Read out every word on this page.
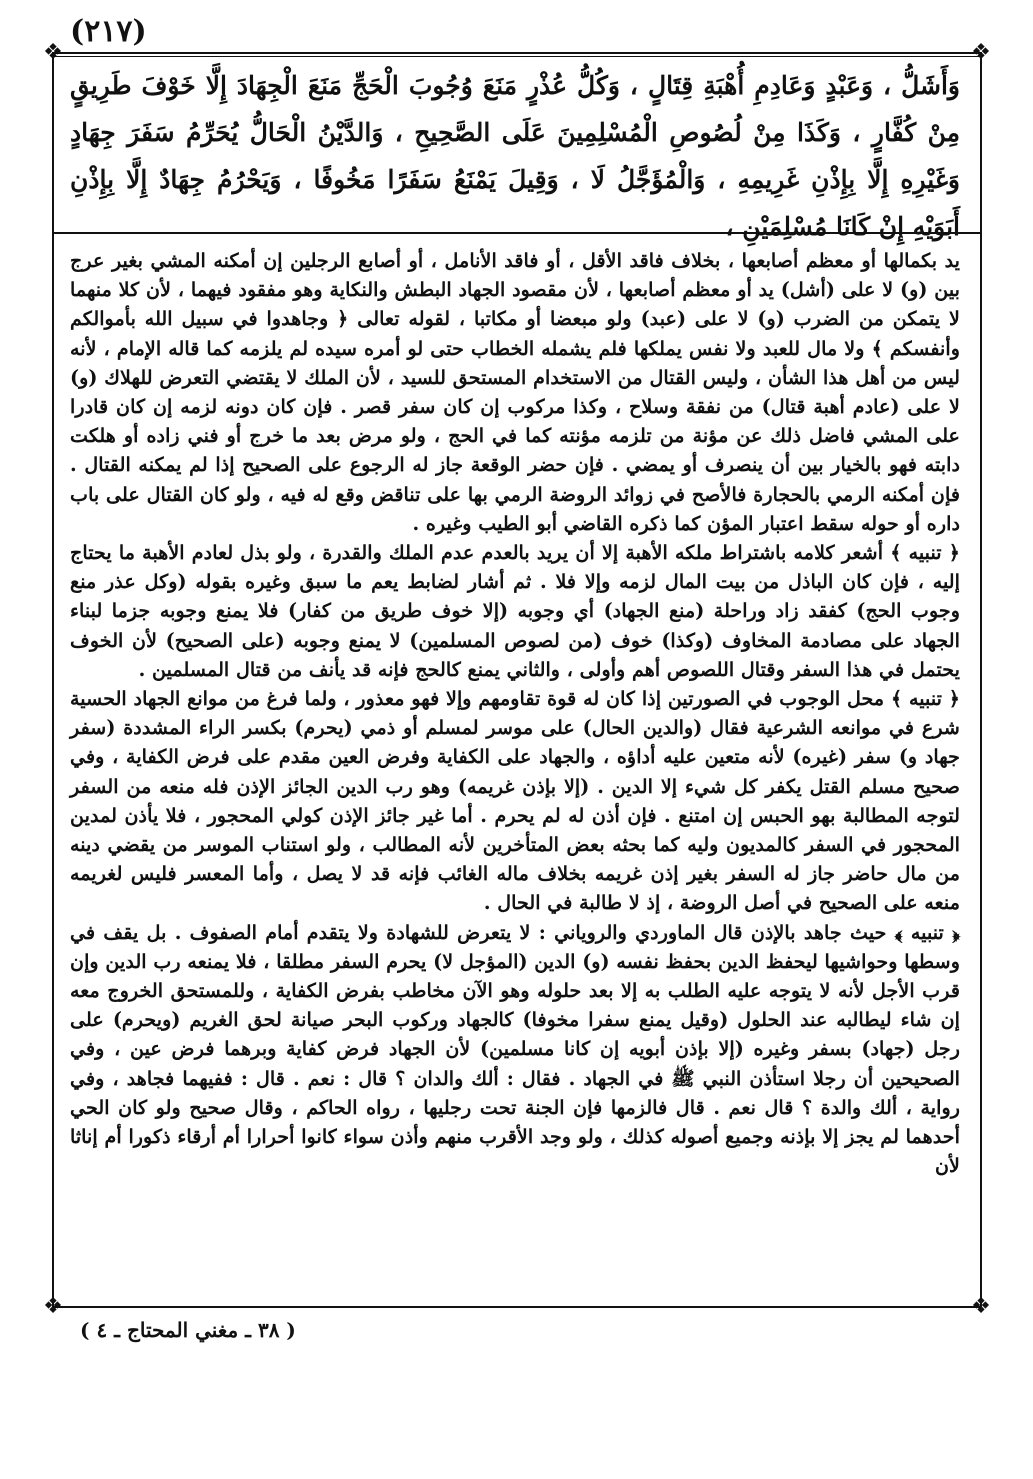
(٢١٧)
❖	❖
❖	❖

وَأَشَلُّ ، وَعَبْدٍ وَعَادِمِ أُهْبَةِ قِتَالٍ ، وَكُلُّ عُذْرٍ مَنَعَ وُجُوبَ الْحَجِّ مَنَعَ الْجِهَادَ إِلَّا خَوْفَ طَرِيقٍ مِنْ كُفَّارٍ ، وَكَذَا مِنْ لُصُوصِ الْمُسْلِمِينَ عَلَى الصَّحِيحِ ، وَالدَّيْنُ الْحَالُّ يُحَرِّمُ سَفَرَ جِهَادٍ وَغَيْرِهِ إِلَّا بِإِذْنِ غَرِيمِهِ ، وَالْمُؤَجَّلُ لَا ، وَقِيلَ يَمْنَعُ سَفَرًا مَخُوفًا ، وَيَحْرُمُ جِهَادٌ إِلَّا بِإِذْنِ أَبَوَيْهِ إِنْ كَانَا مُسْلِمَيْنِ ،

يد بكمالها أو معظم أصابعها ، بخلاف فاقد الأقل ، أو فاقد الأنامل ، أو أصابع الرجلين إن أمكنه المشي بغير عرج بين (و) لا على (أشل) يد أو معظم أصابعها ، لأن مقصود الجهاد البطش والنكاية وهو مفقود فيهما ، لأن كلا منهما لا يتمكن من الضرب (و) لا على (عبد) ولو مبعضا أو مكاتبا ، لقوله تعالى ﴿ وجاهدوا في سبيل الله بأموالكم وأنفسكم ﴾ ولا مال للعبد ولا نفس يملكها فلم يشمله الخطاب حتى لو أمره سيده لم يلزمه كما قاله الإمام ، لأنه ليس من أهل هذا الشأن ، وليس القتال من الاستخدام المستحق للسيد ، لأن الملك لا يقتضي التعرض للهلاك (و) لا على (عادم أهبة قتال) من نفقة وسلاح ، وكذا مركوب إن كان سفر قصر . فإن كان دونه لزمه إن كان قادرا على المشي فاضل ذلك عن مؤنة من تلزمه مؤنته كما في الحج ، ولو مرض بعد ما خرج أو فني زاده أو هلكت دابته فهو بالخيار بين أن ينصرف أو يمضي . فإن حضر الوقعة جاز له الرجوع على الصحيح إذا لم يمكنه القتال . فإن أمكنه الرمي بالحجارة فالأصح في زوائد الروضة الرمي بها على تناقض وقع له فيه ، ولو كان القتال على باب داره أو حوله سقط اعتبار المؤن كما ذكره القاضي أبو الطيب وغيره .

﴿ تنبيه ﴾ أشعر كلامه باشتراط ملكه الأهبة إلا أن يريد بالعدم عدم الملك والقدرة ، ولو بذل لعادم الأهبة ما يحتاج إليه ، فإن كان الباذل من بيت المال لزمه وإلا فلا . ثم أشار لضابط يعم ما سبق وغيره بقوله (وكل عذر منع وجوب الحج) كفقد زاد وراحلة (منع الجهاد) أي وجوبه (إلا خوف طريق من كفار) فلا يمنع وجوبه جزما لبناء الجهاد على مصادمة المخاوف (وكذا) خوف (من لصوص المسلمين) لا يمنع وجوبه (على الصحيح) لأن الخوف يحتمل في هذا السفر وقتال اللصوص أهم وأولى ، والثاني يمنع كالحج فإنه قد يأنف من قتال المسلمين .

﴿ تنبيه ﴾ محل الوجوب في الصورتين إذا كان له قوة تقاومهم وإلا فهو معذور ، ولما فرغ من موانع الجهاد الحسية شرع في موانعه الشرعية فقال (والدين الحال) على موسر لمسلم أو ذمي (يحرم) بكسر الراء المشددة (سفر جهاد و) سفر (غيره) لأنه متعين عليه أداؤه ، والجهاد على الكفاية وفرض العين مقدم على فرض الكفاية ، وفي صحيح مسلم القتل يكفر كل شيء إلا الدين . (إلا بإذن غريمه) وهو رب الدين الجائز الإذن فله منعه من السفر لتوجه المطالبة بهو الحبس إن امتنع . فإن أذن له لم يحرم . أما غير جائز الإذن كولي المحجور ، فلا يأذن لمدين المحجور في السفر كالمديون وليه كما بحثه بعض المتأخرين لأنه المطالب ، ولو استناب الموسر من يقضي دينه من مال حاضر جاز له السفر بغير إذن غريمه بخلاف ماله الغائب فإنه قد لا يصل ، وأما المعسر فليس لغريمه منعه على الصحيح في أصل الروضة ، إذ لا طالبة في الحال .

﴿ تنبيه ﴾ حيث جاهد بالإذن قال الماوردي والروياني : لا يتعرض للشهادة ولا يتقدم أمام الصفوف . بل يقف في وسطها وحواشيها ليحفظ الدين بحفظ نفسه (و) الدين (المؤجل لا) يحرم السفر مطلقا ، فلا يمنعه رب الدين وإن قرب الأجل لأنه لا يتوجه عليه الطلب به إلا بعد حلوله وهو الآن مخاطب بفرض الكفاية ، وللمستحق الخروج معه إن شاء ليطالبه عند الحلول (وقيل يمنع سفرا مخوفا) كالجهاد وركوب البحر صيانة لحق الغريم (ويحرم) على رجل (جهاد) بسفر وغيره (إلا بإذن أبويه إن كانا مسلمين) لأن الجهاد فرض كفاية وبرهما فرض عين ، وفي الصحيحين أن رجلا استأذن النبي ﷺ في الجهاد . فقال : ألك والدان ؟ قال : نعم . قال : ففيهما فجاهد ، وفي رواية ، ألك والدة ؟ قال نعم . قال فالزمها فإن الجنة تحت رجليها ، رواه الحاكم ، وقال صحيح ولو كان الحي أحدهما لم يجز إلا بإذنه وجميع أصوله كذلك ، ولو وجد الأقرب منهم وأذن سواء كانوا أحرارا أم أرقاء ذكورا أم إناثا لأن

( ٣٨ ـ مغني المحتاج ـ ٤ )
